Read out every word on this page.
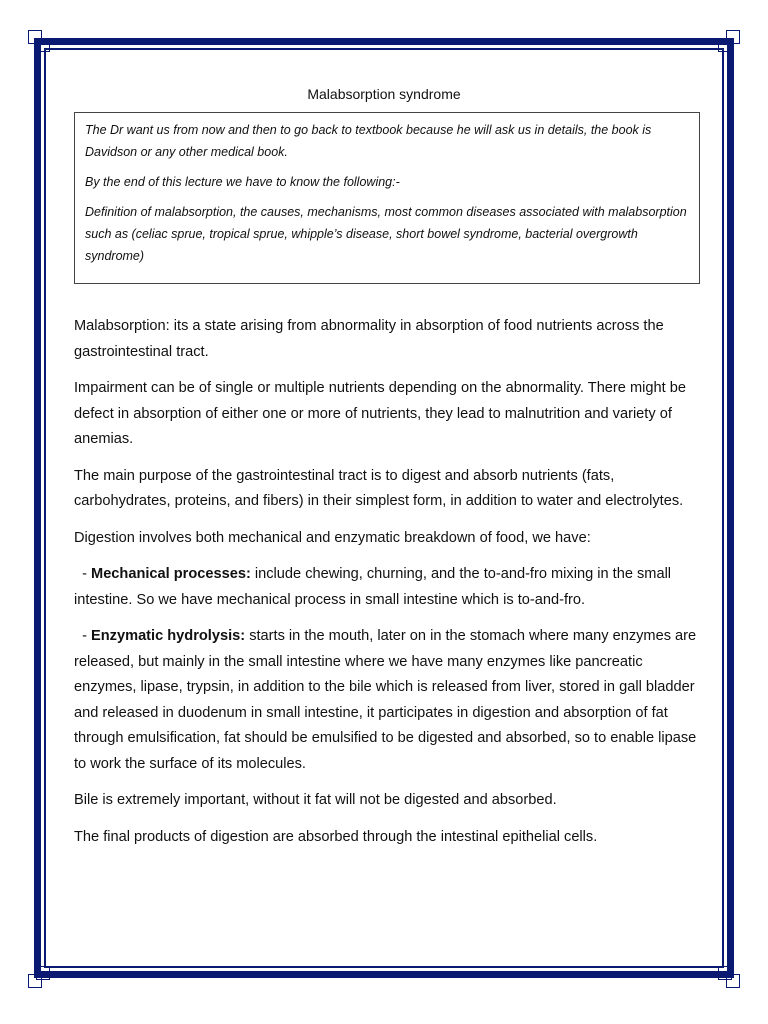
Malabsorption syndrome

The Dr want us from now and then to go back to textbook because he will ask us in details, the book is Davidson or any other medical book.

By the end of this lecture we have to know the following:-

Definition of malabsorption, the causes, mechanisms, most common diseases associated with malabsorption such as (celiac sprue, tropical sprue, whipple’s disease, short bowel syndrome, bacterial overgrowth syndrome)

Malabsorption: its a state arising from abnormality in absorption of food nutrients across the gastrointestinal tract.

Impairment can be of single or multiple nutrients depending on the abnormality. There might be defect in absorption of either one or more of nutrients, they lead to malnutrition and variety of anemias.

The main purpose of the gastrointestinal tract is to digest and absorb nutrients (fats, carbohydrates, proteins, and fibers) in their simplest form, in addition to water and electrolytes.

Digestion involves both mechanical and enzymatic breakdown of food, we have:

- Mechanical processes: include chewing, churning, and the to-and-fro mixing in the small intestine. So we have mechanical process in small intestine which is to-and-fro.

- Enzymatic hydrolysis: starts in the mouth, later on in the stomach where many enzymes are released, but mainly in the small intestine where we have many enzymes like pancreatic enzymes, lipase, trypsin, in addition to the bile which is released from liver, stored in gall bladder and released in duodenum in small intestine, it participates in digestion and absorption of fat through emulsification, fat should be emulsified to be digested and absorbed, so to enable lipase to work the surface of its molecules.

Bile is extremely important, without it fat will not be digested and absorbed.

The final products of digestion are absorbed through the intestinal epithelial cells.
